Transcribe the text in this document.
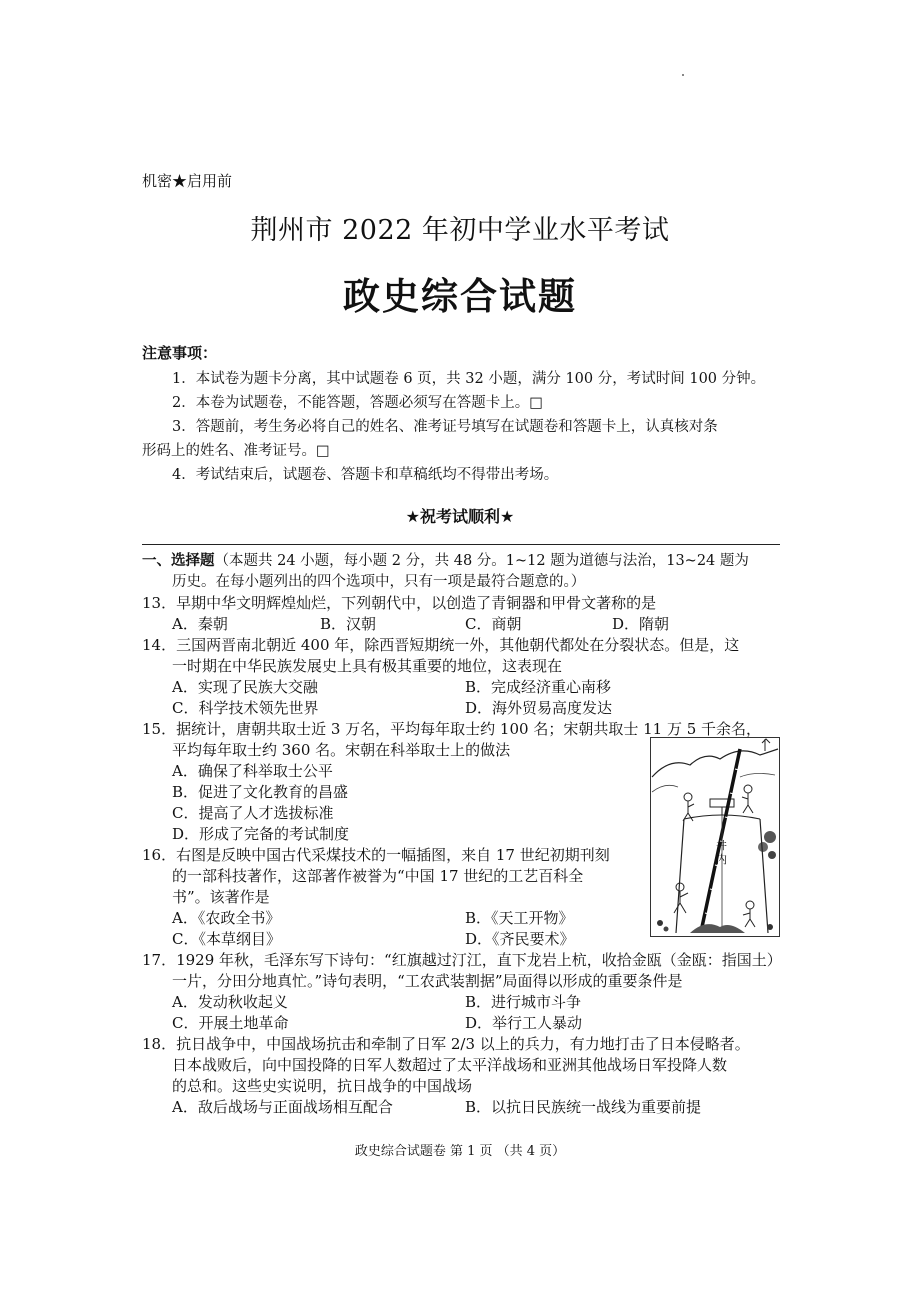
机密★启用前
荆州市 2022 年初中学业水平考试
政史综合试题
注意事项：
1．本试卷为题卡分离，其中试题卷 6 页，共 32 小题，满分 100 分，考试时间 100 分钟。
2．本卷为试题卷，不能答题，答题必须写在答题卡上。□
3．答题前，考生务必将自己的姓名、准考证号填写在试题卷和答题卡上，认真核对条
形码上的姓名、准考证号。□
4．考试结束后，试题卷、答题卡和草稿纸均不得带出考场。
★祝考试顺利★
一、选择题（本题共 24 小题，每小题 2 分，共 48 分。1~12 题为道德与法治，13~24 题为
历史。在每小题列出的四个选项中，只有一项是最符合题意的。）
13．早期中华文明辉煌灿烂，下列朝代中，以创造了青铜器和甲骨文著称的是
A．秦朝	B．汉朝	C．商朝	D．隋朝
14．三国两晋南北朝近 400 年，除西晋短期统一外，其他朝代都处在分裂状态。但是，这
一时期在中华民族发展史上具有极其重要的地位，这表现在
A．实现了民族大交融	B．完成经济重心南移
C．科学技术领先世界	D．海外贸易高度发达
15．据统计，唐朝共取士近 3 万名，平均每年取士约 100 名；宋朝共取士 11 万 5 千余名，
平均每年取士约 360 名。宋朝在科举取士上的做法
A．确保了科举取士公平
B．促进了文化教育的昌盛
C．提高了人才选拔标准
D．形成了完备的考试制度
16．右图是反映中国古代采煤技术的一幅插图，来自 17 世纪初期刊刻
的一部科技著作，这部著作被誉为“中国 17 世纪的工艺百科全
书”。该著作是
A．《农政全书》	B．《天工开物》
C．《本草纲目》	D．《齐民要术》
井
内
17．1929 年秋，毛泽东写下诗句：“红旗越过汀江，直下龙岩上杭，收拾金瓯（金瓯：指国土）
一片，分田分地真忙。”诗句表明，“工农武装割据”局面得以形成的重要条件是
A．发动秋收起义	B．进行城市斗争
C．开展土地革命	D．举行工人暴动
18．抗日战争中，中国战场抗击和牵制了日军 2/3 以上的兵力，有力地打击了日本侵略者。
日本战败后，向中国投降的日军人数超过了太平洋战场和亚洲其他战场日军投降人数
的总和。这些史实说明，抗日战争的中国战场
A．敌后战场与正面战场相互配合	B．以抗日民族统一战线为重要前提
政史综合试题卷 第 1 页 （共 4 页）
